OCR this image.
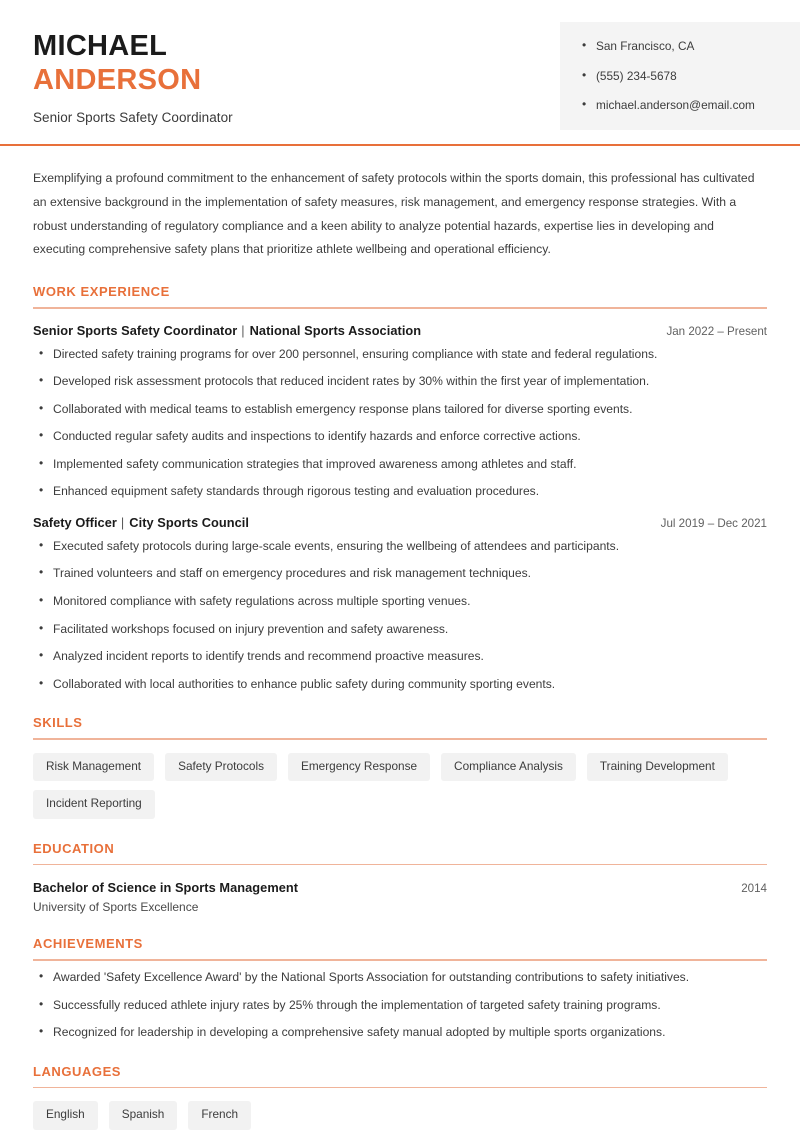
MICHAEL
ANDERSON
Senior Sports Safety Coordinator
• San Francisco, CA
• (555) 234-5678
• michael.anderson@email.com

Exemplifying a profound commitment to the enhancement of safety protocols within the sports domain, this professional has cultivated an extensive background in the implementation of safety measures, risk management, and emergency response strategies. With a robust understanding of regulatory compliance and a keen ability to analyze potential hazards, expertise lies in developing and executing comprehensive safety plans that prioritize athlete wellbeing and operational efficiency.

WORK EXPERIENCE
Senior Sports Safety Coordinator | National Sports Association	Jan 2022 – Present
• Directed safety training programs for over 200 personnel, ensuring compliance with state and federal regulations.
• Developed risk assessment protocols that reduced incident rates by 30% within the first year of implementation.
• Collaborated with medical teams to establish emergency response plans tailored for diverse sporting events.
• Conducted regular safety audits and inspections to identify hazards and enforce corrective actions.
• Implemented safety communication strategies that improved awareness among athletes and staff.
• Enhanced equipment safety standards through rigorous testing and evaluation procedures.
Safety Officer | City Sports Council	Jul 2019 – Dec 2021
• Executed safety protocols during large-scale events, ensuring the wellbeing of attendees and participants.
• Trained volunteers and staff on emergency procedures and risk management techniques.
• Monitored compliance with safety regulations across multiple sporting venues.
• Facilitated workshops focused on injury prevention and safety awareness.
• Analyzed incident reports to identify trends and recommend proactive measures.
• Collaborated with local authorities to enhance public safety during community sporting events.
SKILLS
Risk Management	Safety Protocols	Emergency Response	Compliance Analysis	Training Development
Incident Reporting
EDUCATION
Bachelor of Science in Sports Management	2014
University of Sports Excellence
ACHIEVEMENTS
• Awarded 'Safety Excellence Award' by the National Sports Association for outstanding contributions to safety initiatives.
• Successfully reduced athlete injury rates by 25% through the implementation of targeted safety training programs.
• Recognized for leadership in developing a comprehensive safety manual adopted by multiple sports organizations.
LANGUAGES
English	Spanish	French
